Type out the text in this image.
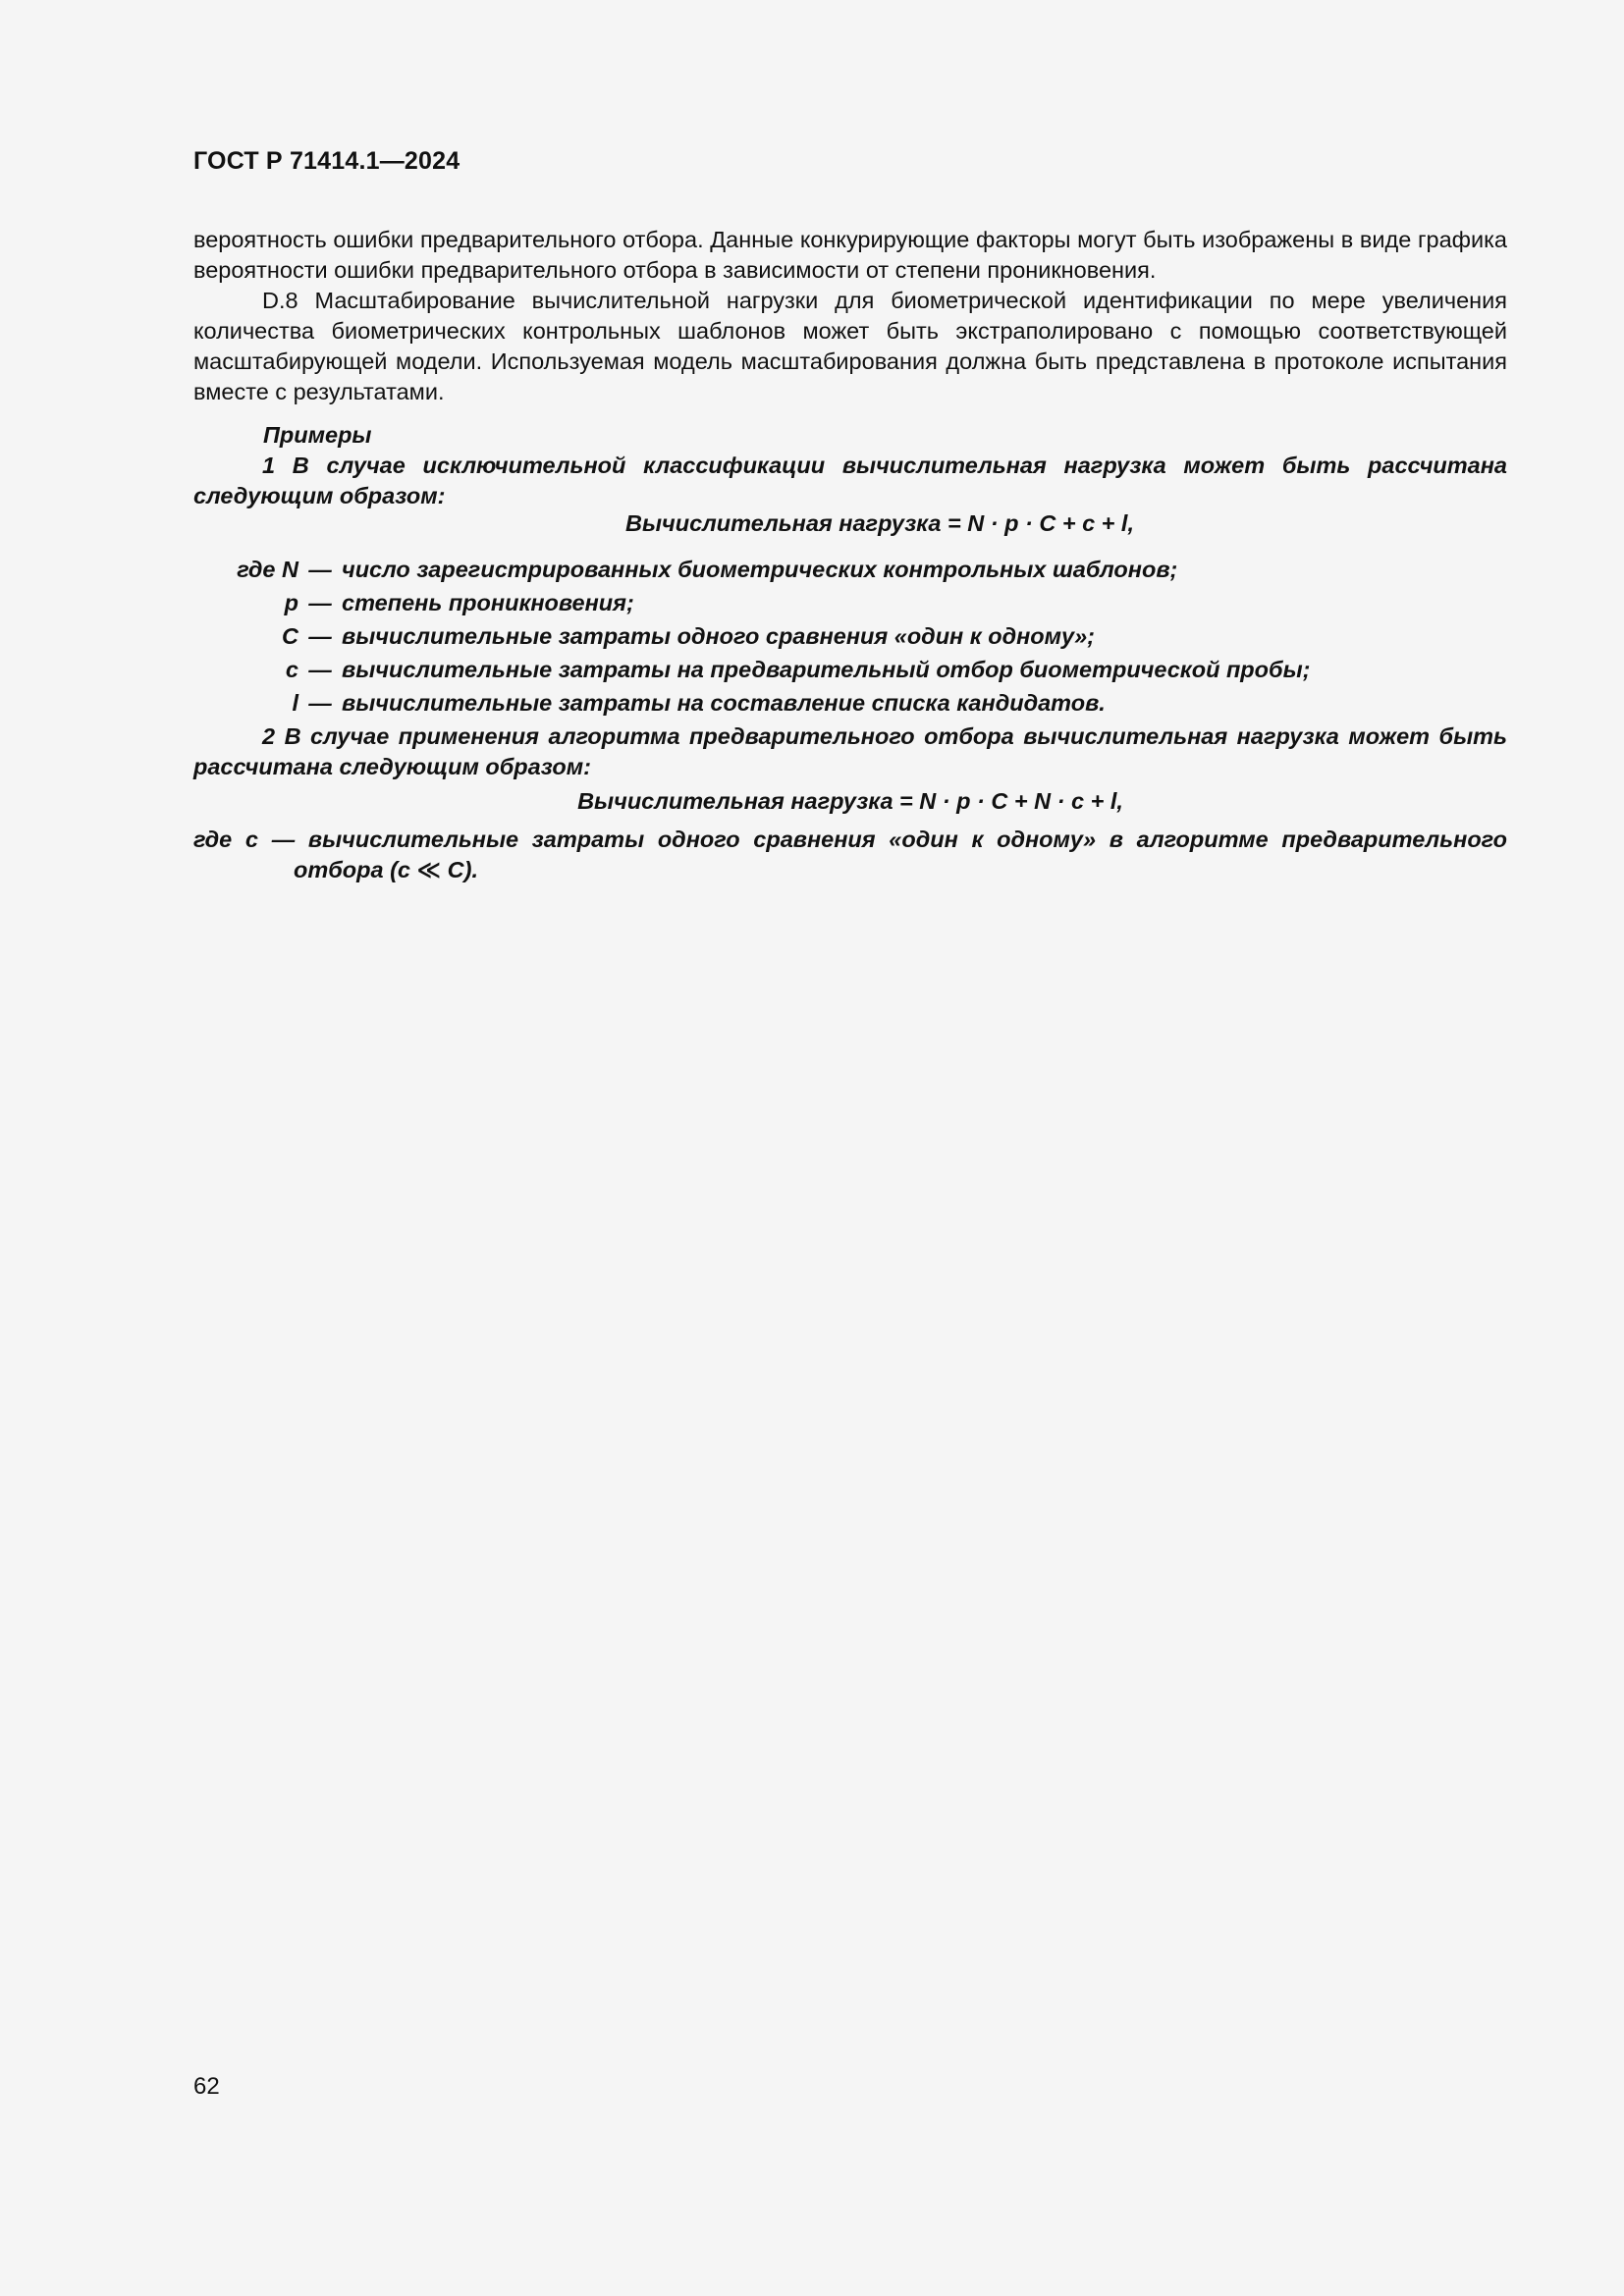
ГОСТ Р 71414.1—2024
вероятность ошибки предварительного отбора. Данные конкурирующие факторы могут быть изображены в виде графика вероятности ошибки предварительного отбора в зависимости от степени проникновения.
D.8 Масштабирование вычислительной нагрузки для биометрической идентификации по мере увеличения количества биометрических контрольных шаблонов может быть экстраполировано с помощью соответствующей масштабирующей модели. Используемая модель масштабирования должна быть представлена в протоколе испытания вместе с результатами.
Примеры
1 В случае исключительной классификации вычислительная нагрузка может быть рассчитана следующим образом:
Вычислительная нагрузка = N · p · C + c + l,
где N — число зарегистрированных биометрических контрольных шаблонов;
p — степень проникновения;
C — вычислительные затраты одного сравнения «один к одному»;
c — вычислительные затраты на предварительный отбор биометрической пробы;
l — вычислительные затраты на составление списка кандидатов.
2 В случае применения алгоритма предварительного отбора вычислительная нагрузка может быть рассчитана следующим образом:
Вычислительная нагрузка = N · p · C + N · c + l,
где c — вычислительные затраты одного сравнения «один к одному» в алгоритме предварительного отбора (c ≪ C).
62
